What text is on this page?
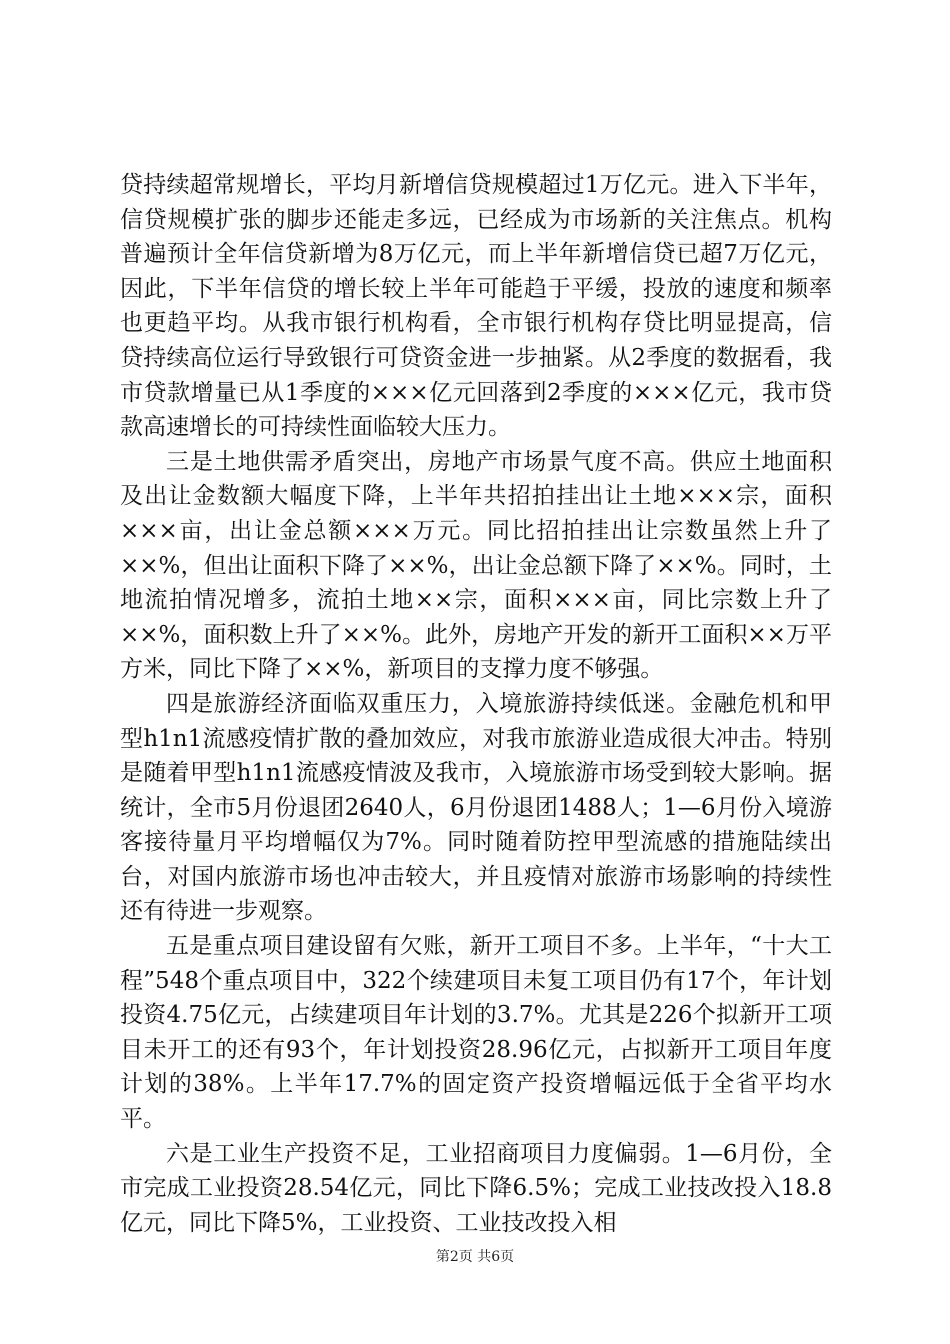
贷持续超常规增长，平均月新增信贷规模超过1万亿元。进入下半年，信贷规模扩张的脚步还能走多远，已经成为市场新的关注焦点。机构普遍预计全年信贷新增为8万亿元，而上半年新增信贷已超7万亿元，因此，下半年信贷的增长较上半年可能趋于平缓，投放的速度和频率也更趋平均。从我市银行机构看，全市银行机构存贷比明显提高，信贷持续高位运行导致银行可贷资金进一步抽紧。从2季度的数据看，我市贷款增量已从1季度的×××亿元回落到2季度的×××亿元，我市贷款高速增长的可持续性面临较大压力。

三是土地供需矛盾突出，房地产市场景气度不高。供应土地面积及出让金数额大幅度下降，上半年共招拍挂出让土地×××宗，面积×××亩，出让金总额×××万元。同比招拍挂出让宗数虽然上升了××%，但出让面积下降了××%，出让金总额下降了××%。同时，土地流拍情况增多，流拍土地××宗，面积×××亩，同比宗数上升了××%，面积数上升了××%。此外，房地产开发的新开工面积××万平方米，同比下降了××%，新项目的支撑力度不够强。

四是旅游经济面临双重压力，入境旅游持续低迷。金融危机和甲型h1n1流感疫情扩散的叠加效应，对我市旅游业造成很大冲击。特别是随着甲型h1n1流感疫情波及我市，入境旅游市场受到较大影响。据统计，全市5月份退团2640人，6月份退团1488人；1—6月份入境游客接待量月平均增幅仅为7%。同时随着防控甲型流感的措施陆续出台，对国内旅游市场也冲击较大，并且疫情对旅游市场影响的持续性还有待进一步观察。

五是重点项目建设留有欠账，新开工项目不多。上半年，“十大工程”548个重点项目中，322个续建项目未复工项目仍有17个，年计划投资4.75亿元，占续建项目年计划的3.7%。尤其是226个拟新开工项目未开工的还有93个，年计划投资28.96亿元，占拟新开工项目年度计划的38%。上半年17.7%的固定资产投资增幅远低于全省平均水平。

六是工业生产投资不足，工业招商项目力度偏弱。1—6月份，全市完成工业投资28.54亿元，同比下降6.5%；完成工业技改投入18.8亿元，同比下降5%，工业投资、工业技改投入相

第2页 共6页
